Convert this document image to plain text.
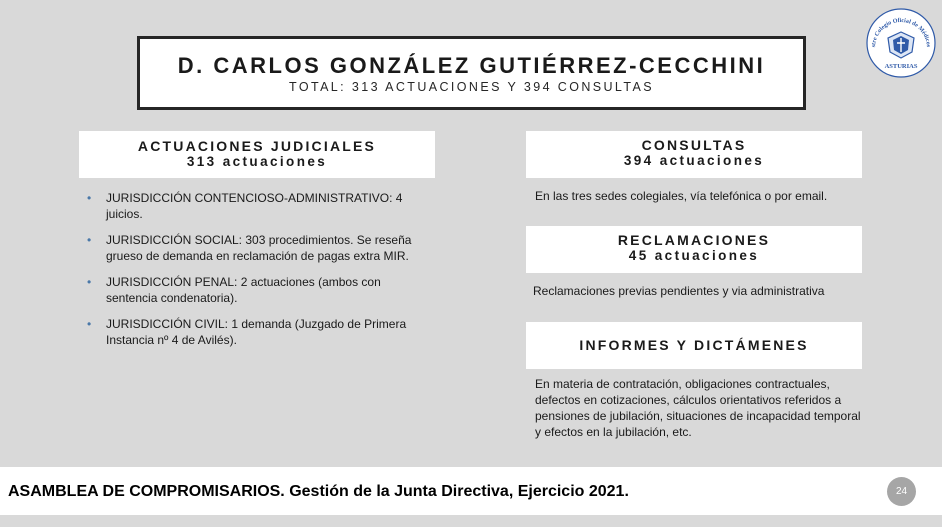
D. CARLOS GONZÁLEZ GUTIÉRREZ-CECCHINI
TOTAL: 313 ACTUACIONES Y 394 CONSULTAS
stre Colegio Oficial de Médicos
ASTURIAS
ACTUACIONES JUDICIALES
313 actuaciones
• JURISDICCIÓN CONTENCIOSO-ADMINISTRATIVO: 4 juicios.
• JURISDICCIÓN SOCIAL: 303 procedimientos. Se reseña grueso de demanda en reclamación de pagas extra MIR.
• JURISDICCIÓN PENAL: 2 actuaciones (ambos con sentencia condenatoria).
• JURISDICCIÓN CIVIL: 1 demanda (Juzgado de Primera Instancia nº 4 de Avilés).
CONSULTAS
394 actuaciones
En las tres sedes colegiales, vía telefónica o por email.
RECLAMACIONES
45 actuaciones
Reclamaciones previas pendientes y via administrativa
INFORMES Y DICTÁMENES
En materia de contratación, obligaciones contractuales, defectos en cotizaciones, cálculos orientativos referidos a pensiones de jubilación, situaciones de incapacidad temporal y efectos en la jubilación, etc.
ASAMBLEA DE COMPROMISARIOS. Gestión de la Junta Directiva, Ejercicio 2021.	24
